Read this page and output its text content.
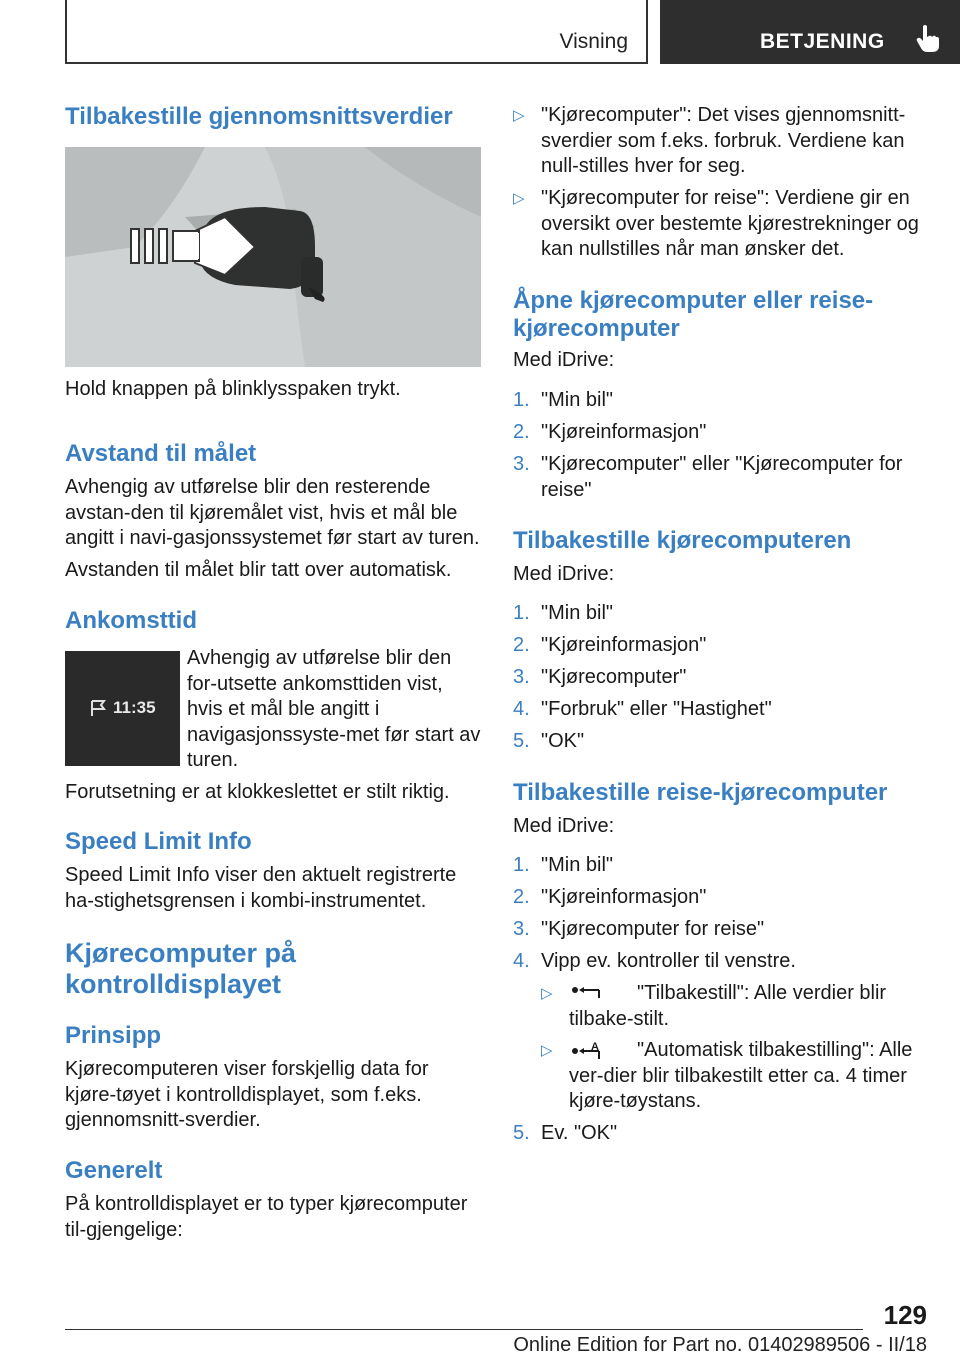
Visning	BETJENING
Tilbakestille gjennomsnittsverdier

Hold knappen på blinklysspaken trykt.

Avstand til målet

Avhengig av utførelse blir den resterende avstan-den til kjøremålet vist, hvis et mål ble angitt i navi-gasjonssystemet før start av turen.

Avstanden til målet blir tatt over automatisk.

Ankomsttid
11:35

Avhengig av utførelse blir den for-utsette ankomsttiden vist, hvis et mål ble angitt i navigasjonssyste-met før start av turen.

Forutsetning er at klokkeslettet er stilt riktig.

Speed Limit Info

Speed Limit Info viser den aktuelt registrerte ha-stighetsgrensen i kombi-instrumentet.

Kjørecomputer på
kontrolldisplayet
Prinsipp

Kjørecomputeren viser forskjellig data for kjøre-tøyet i kontrolldisplayet, som f.eks. gjennomsnitt-sverdier.

Generelt

På kontrolldisplayet er to typer kjørecomputer til-gjengelige:

▷ "Kjørecomputer": Det vises gjennomsnitt-sverdier som f.eks. forbruk. Verdiene kan null-stilles hver for seg.
▷ "Kjørecomputer for reise": Verdiene gir en oversikt over bestemte kjørestrekninger og kan nullstilles når man ønsker det.
Åpne kjørecomputer eller reise-
kjørecomputer

Med iDrive:

1. "Min bil"
2. "Kjøreinformasjon"
3. "Kjørecomputer" eller "Kjørecomputer for reise"
Tilbakestille kjørecomputeren

Med iDrive:

1. "Min bil"
2. "Kjøreinformasjon"
3. "Kjørecomputer"
4. "Forbruk" eller "Hastighet"
5. "OK"
Tilbakestille reise-kjørecomputer

Med iDrive:

1. "Min bil"
2. "Kjøreinformasjon"
3. "Kjørecomputer for reise"
4. Vipp ev. kontroller til venstre.
▷	"Tilbakestill": Alle verdier blir tilbake-stilt.
▷	A	"Automatisk tilbakestilling": Alle ver-dier blir tilbakestilt etter ca. 4 timer kjøre-tøystans.
5. Ev. "OK"
129
Online Edition for Part no. 01402989506 - II/18
